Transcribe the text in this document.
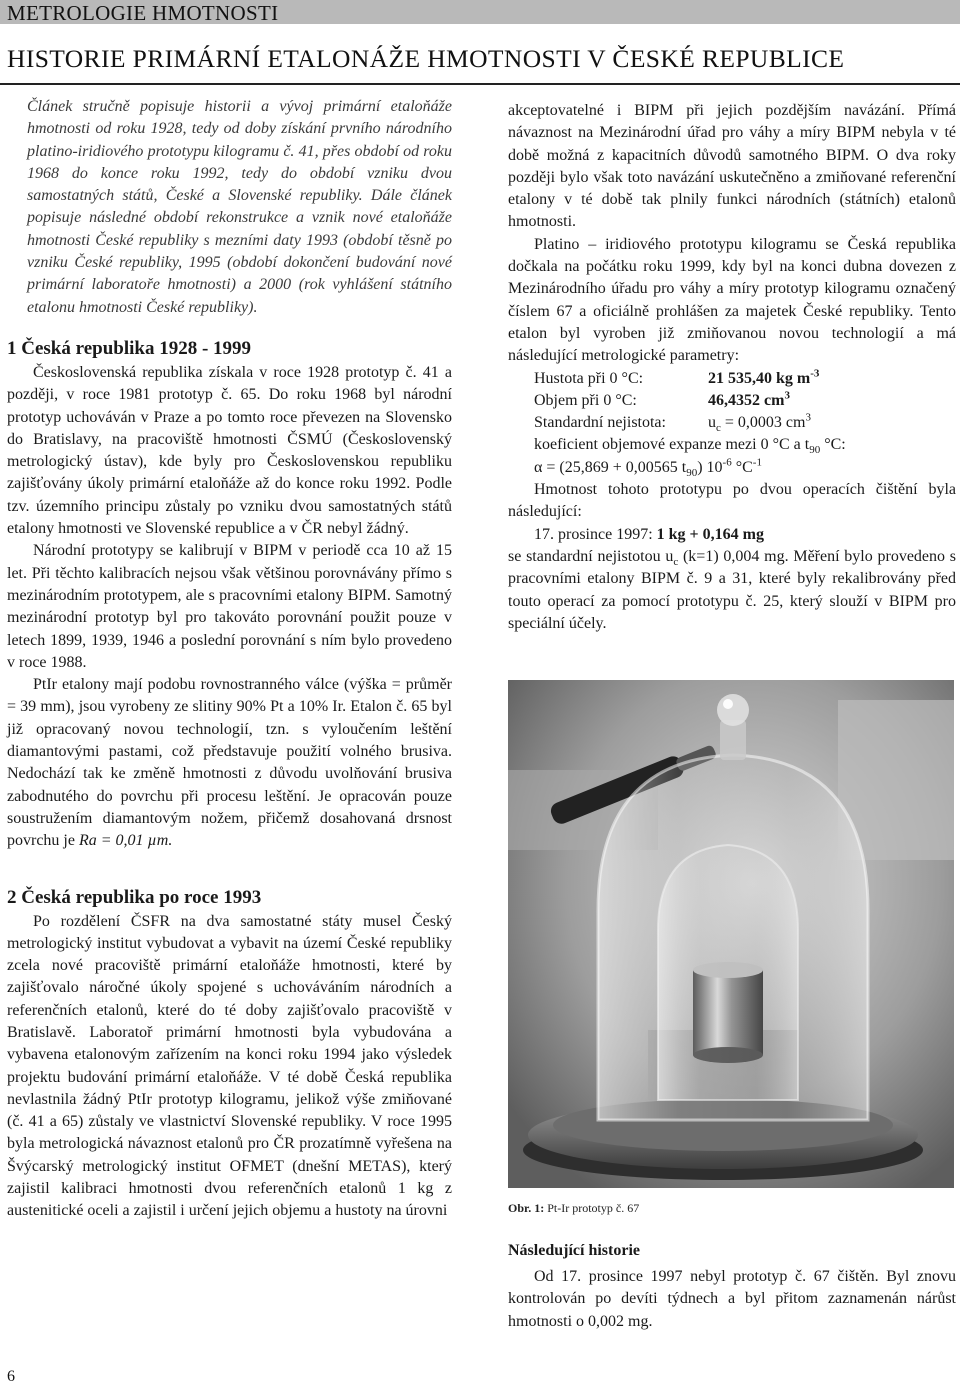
METROLOGIE HMOTNOSTI
HISTORIE PRIMÁRNÍ ETALONÁŽE HMOTNOSTI V ČESKÉ REPUBLICE

Článek stručně popisuje historii a vývoj primární etaloňáže hmotnosti od roku 1928, tedy od doby získání prvního národního platino-iridiového prototypu kilogramu č. 41, přes období od roku 1968 do konce roku 1992, tedy do období vzniku dvou samostatných států, České a Slovenské republiky. Dále článek popisuje následné období rekonstrukce a vznik nové etaloňáže hmotnosti České republiky s mezními daty 1993 (období těsně po vzniku České republiky, 1995 (období dokončení budování nové primární laboratoře hmotnosti) a 2000 (rok vyhlášení státního etalonu hmotnosti České republiky).

1 Česká republika 1928 - 1999

Československá republika získala v roce 1928 prototyp č. 41 a později, v roce 1981 prototyp č. 65. Do roku 1968 byl národní prototyp uchováván v Praze a po tomto roce převezen na Slovensko do Bratislavy, na pracoviště hmotnosti ČSMÚ (Československý metrologický ústav), kde byly pro Československou republiku zajišťovány úkoly primární etaloňáže až do konce roku 1992. Podle tzv. územního principu zůstaly po vzniku dvou samostatných států etalony hmotnosti ve Slovenské republice a v ČR nebyl žádný.

Národní prototypy se kalibrují v BIPM v periodě cca 10 až 15 let. Při těchto kalibracích nejsou však většinou porovnávány přímo s mezinárodním prototypem, ale s pracovními etalony BIPM. Samotný mezinárodní prototyp byl pro takováto porovnání použit pouze v letech 1899, 1939, 1946 a poslední porovnání s ním bylo provedeno v roce 1988.

PtIr etalony mají podobu rovnostranného válce (výška = průměr = 39 mm), jsou vyrobeny ze slitiny 90% Pt a 10% Ir. Etalon č. 65 byl již opracovaný novou technologií, tzn. s vyloučením leštění diamantovými pastami, což představuje použití volného brusiva. Nedochází tak ke změně hmotnosti z důvodu uvolňování brusiva zabodnutého do povrchu při procesu leštění. Je opracován pouze soustružením diamantovým nožem, přičemž dosahovaná drsnost povrchu je Ra = 0,01 µm.

2 Česká republika po roce 1993

Po rozdělení ČSFR na dva samostatné státy musel Český metrologický institut vybudovat a vybavit na území České republiky zcela nové pracoviště primární etaloňáže hmotnosti, které by zajišťovalo náročné úkoly spojené s uchováváním národních a referenčních etalonů, které do té doby zajišťovalo pracoviště v Bratislavě. Laboratoř primární hmotnosti byla vybudována a vybavena etalonovým zařízením na konci roku 1994 jako výsledek projektu budování primární etaloňáže. V té době Česká republika nevlastnila žádný PtIr prototyp kilogramu, jelikož výše zmiňované (č. 41 a 65) zůstaly ve vlastnictví Slovenské republiky. V roce 1995 byla metrologická návaznost etalonů pro ČR prozatímně vyřešena na Švýcarský metrologický institut OFMET (dnešní METAS), který zajistil kalibraci hmotnosti dvou referenčních etalonů 1 kg z austenitické oceli a zajistil i určení jejich objemu a hustoty na úrovni

akceptovatelné i BIPM při jejich pozdějším navázání. Přímá návaznost na Mezinárodní úřad pro váhy a míry BIPM nebyla v té době možná z kapacitních důvodů samotného BIPM. O dva roky později bylo však toto navázání uskutečněno a zmiňované referenční etalony v té době tak plnily funkci národních (státních) etalonů hmotnosti.

Platino – iridiového prototypu kilogramu se Česká republika dočkala na počátku roku 1999, kdy byl na konci dubna dovezen z Mezinárodního úřadu pro váhy a míry prototyp kilogramu označený číslem 67 a oficiálně prohlášen za majetek České republiky. Tento etalon byl vyroben již zmiňovanou novou technologií a má následující metrologické parametry:

Hustota při 0 °C:	21 535,40 kg $m^{-3}$
Objem při 0 °C:	46,4352 $cm^3$
Standardní nejistota:	$u_c = 0,0003$ $cm^3$
koeficient objemové expanze mezi 0 °C a $t_{90}$ °C:
α = (25,869 + 0,00565 $t_{90}$) $10^{-6}$ $^\circ C^{-1}$

Hmotnost tohoto prototypu po dvou operacích čištění byla následující:

17. prosince 1997: 1 kg + 0,164 mg

se standardní nejistotou $u_c$ (k=1) 0,004 mg. Měření bylo provedeno s pracovními etalony BIPM č. 9 a 31, které byly rekalibrovány před touto operací za pomocí prototypu č. 25, který slouží v BIPM pro speciální účely.

Obr. 1: Pt-Ir prototyp č. 67
Následující historie

Od 17. prosince 1997 nebyl prototyp č. 67 čištěn. Byl znovu kontrolován po devíti týdnech a byl přitom zaznamenán nárůst hmotnosti o 0,002 mg.

6
